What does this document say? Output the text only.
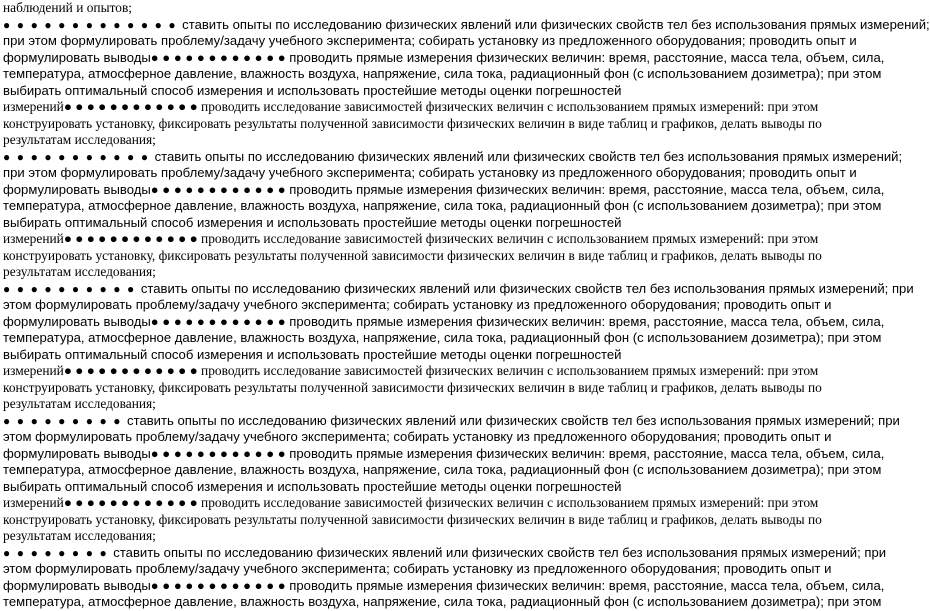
наблюдений и опытов;
● ● ● ● ● ● ● ● ● ● ● ● ● ставить опыты по исследованию физических явлений или физических свойств тел без использования прямых измерений;
при этом формулировать проблему/задачу учебного эксперимента; собирать установку из предложенного оборудования; проводить опыт и
формулировать выводы● ● ● ● ● ● ● ● ● ● ● ● проводить прямые измерения физических величин: время, расстояние, масса тела, объем, сила,
температура, атмосферное давление, влажность воздуха, напряжение, сила тока, радиационный фон (с использованием дозиметра); при этом
выбирать оптимальный способ измерения и использовать простейшие методы оценки погрешностей
измерений● ● ● ● ● ● ● ● ● ● ● ● проводить исследование зависимостей физических величин с использованием прямых измерений: при этом
конструировать установку, фиксировать результаты полученной зависимости физических величин в виде таблиц и графиков, делать выводы по
результатам исследования;
● ● ● ● ● ● ● ● ● ● ● ставить опыты по исследованию физических явлений или физических свойств тел без использования прямых измерений;
при этом формулировать проблему/задачу учебного эксперимента; собирать установку из предложенного оборудования; проводить опыт и
формулировать выводы● ● ● ● ● ● ● ● ● ● ● ● проводить прямые измерения физических величин: время, расстояние, масса тела, объем, сила,
температура, атмосферное давление, влажность воздуха, напряжение, сила тока, радиационный фон (с использованием дозиметра); при этом
выбирать оптимальный способ измерения и использовать простейшие методы оценки погрешностей
измерений● ● ● ● ● ● ● ● ● ● ● ● проводить исследование зависимостей физических величин с использованием прямых измерений: при этом
конструировать установку, фиксировать результаты полученной зависимости физических величин в виде таблиц и графиков, делать выводы по
результатам исследования;
● ● ● ● ● ● ● ● ● ● ставить опыты по исследованию физических явлений или физических свойств тел без использования прямых измерений; при
этом формулировать проблему/задачу учебного эксперимента; собирать установку из предложенного оборудования; проводить опыт и
формулировать выводы● ● ● ● ● ● ● ● ● ● ● ● проводить прямые измерения физических величин: время, расстояние, масса тела, объем, сила,
температура, атмосферное давление, влажность воздуха, напряжение, сила тока, радиационный фон (с использованием дозиметра); при этом
выбирать оптимальный способ измерения и использовать простейшие методы оценки погрешностей
измерений● ● ● ● ● ● ● ● ● ● ● ● проводить исследование зависимостей физических величин с использованием прямых измерений: при этом
конструировать установку, фиксировать результаты полученной зависимости физических величин в виде таблиц и графиков, делать выводы по
результатам исследования;
● ● ● ● ● ● ● ● ● ставить опыты по исследованию физических явлений или физических свойств тел без использования прямых измерений; при
этом формулировать проблему/задачу учебного эксперимента; собирать установку из предложенного оборудования; проводить опыт и
формулировать выводы● ● ● ● ● ● ● ● ● ● ● ● проводить прямые измерения физических величин: время, расстояние, масса тела, объем, сила,
температура, атмосферное давление, влажность воздуха, напряжение, сила тока, радиационный фон (с использованием дозиметра); при этом
выбирать оптимальный способ измерения и использовать простейшие методы оценки погрешностей
измерений● ● ● ● ● ● ● ● ● ● ● ● проводить исследование зависимостей физических величин с использованием прямых измерений: при этом
конструировать установку, фиксировать результаты полученной зависимости физических величин в виде таблиц и графиков, делать выводы по
результатам исследования;
● ● ● ● ● ● ● ● ставить опыты по исследованию физических явлений или физических свойств тел без использования прямых измерений; при
этом формулировать проблему/задачу учебного эксперимента; собирать установку из предложенного оборудования; проводить опыт и
формулировать выводы● ● ● ● ● ● ● ● ● ● ● ● проводить прямые измерения физических величин: время, расстояние, масса тела, объем, сила,
температура, атмосферное давление, влажность воздуха, напряжение, сила тока, радиационный фон (с использованием дозиметра); при этом
